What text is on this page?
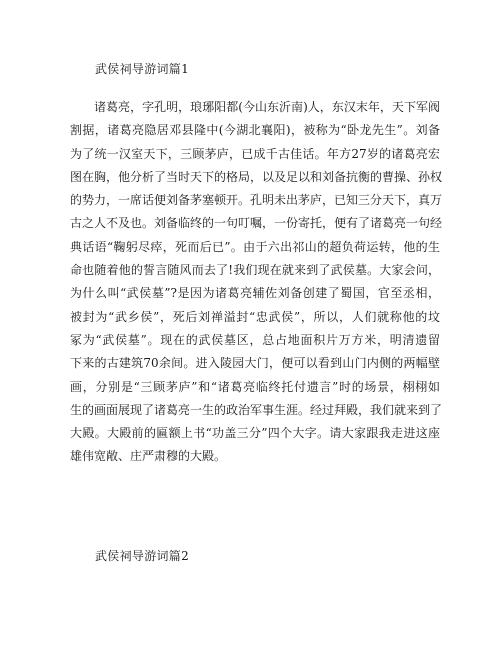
武侯祠导游词篇1
诸葛亮，字孔明，琅琊阳都(今山东沂南)人，东汉末年，天下军阀
割据，诸葛亮隐居邓县隆中(今湖北襄阳)，被称为“卧龙先生”。刘备
为了统一汉室天下，三顾茅庐，已成千古佳话。年方27岁的诸葛亮宏
图在胸，他分析了当时天下的格局，以及足以和刘备抗衡的曹操、孙权
的势力，一席话便刘备茅塞顿开。孔明未出茅庐，已知三分天下，真万
古之人不及也。刘备临终的一句叮嘱，一份寄托，便有了诸葛亮一句经
典话语“鞠躬尽瘁，死而后已”。由于六出祁山的超负荷运转，他的生
命也随着他的誓言随风而去了!我们现在就来到了武侯墓。大家会问，
为什么叫“武侯墓”?是因为诸葛亮辅佐刘备创建了蜀国，官至丞相，
被封为“武乡侯”，死后刘禅溢封“忠武侯”，所以，人们就称他的坟
冢为“武侯墓”。现在的武侯墓区，总占地面积片万方米，明清遗留
下来的古建筑70余间。进入陵园大门，便可以看到山门内侧的两幅壁
画，分别是“三顾茅庐”和“诸葛亮临终托付遗言”时的场景，栩栩如
生的画面展现了诸葛亮一生的政治军事生涯。经过拜殿，我们就来到了
大殿。大殿前的匾额上书“功盖三分”四个大字。请大家跟我走进这座
雄伟宽敞、庄严肃穆的大殿。
武侯祠导游词篇2
